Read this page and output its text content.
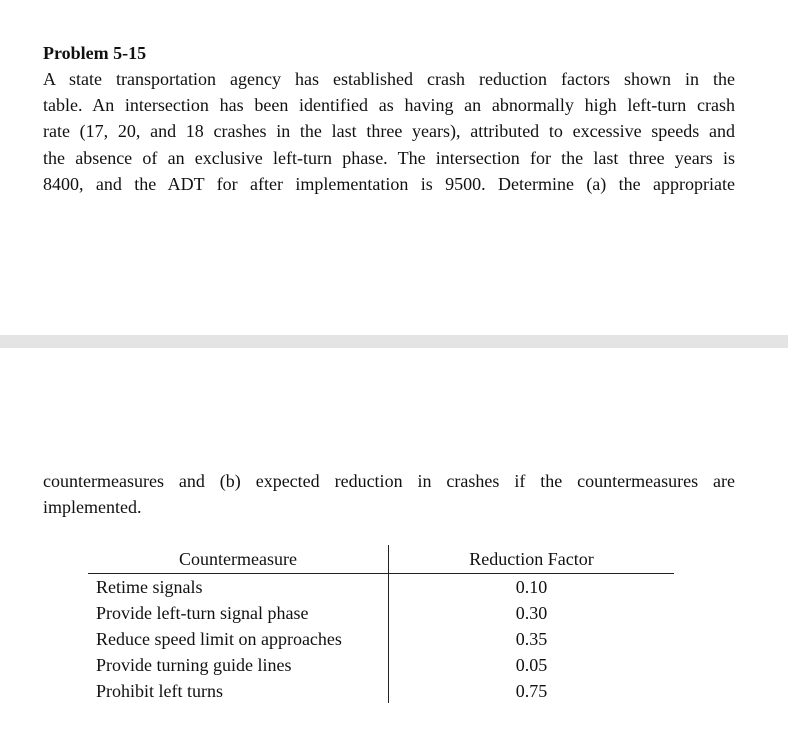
Problem 5-15
A state transportation agency has established crash reduction factors shown in the
table. An intersection has been identified as having an abnormally high left-turn crash
rate (17, 20, and 18 crashes in the last three years), attributed to excessive speeds and
the absence of an exclusive left-turn phase. The intersection for the last three years is
8400, and the ADT for after implementation is 9500. Determine (a) the appropriate
countermeasures and (b) expected reduction in crashes if the countermeasures are
implemented.
Countermeasure	Reduction Factor
Retime signals	0.10
Provide left-turn signal phase	0.30
Reduce speed limit on approaches	0.35
Provide turning guide lines	0.05
Prohibit left turns	0.75
